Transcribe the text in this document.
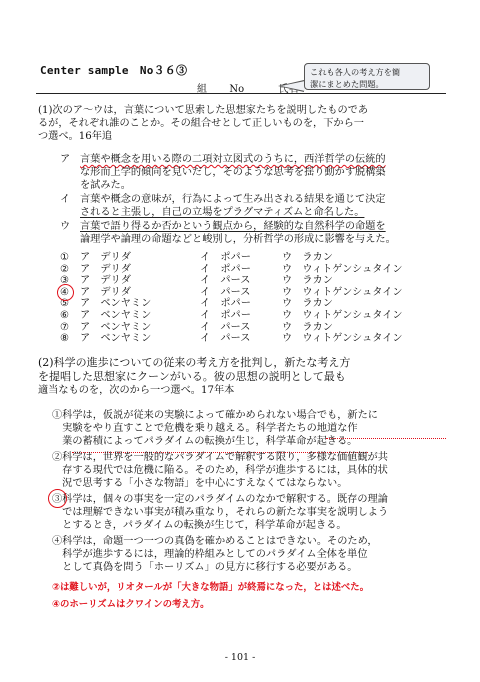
Center sample　No３６③
組 No	氏名
これも各人の考え方を簡
潔にまとめた問題。
(1)次のア～ウは，言葉について思索した思想家たちを説明したものであ
るが，それぞれ誰のことか。その組合せとして正しいものを，下から一
つ選べ。16年追
ア 言葉や概念を用いる際の二項対立図式のうちに，西洋哲学の伝統的
な形而上学的傾向を見いだし，そのような思考を揺り動かす脱構築
を試みた。
イ 言葉や概念の意味が，行為によって生み出される結果を通じて決定
されると主張し，自己の立場をプラグマティズムと命名した。
ウ 言葉で語り得るか否かという観点から，経験的な自然科学の命題を
論理学や論理の命題などと峻別し，分析哲学の形成に影響を与えた。
① ア　デリダ	イ　ポパー	ウ　ラカン
② ア　デリダ	イ　ポパー	ウ　ウィトゲンシュタイン
③ ア　デリダ	イ　パース	ウ　ラカン
④ ア　デリダ	イ　パース	ウ　ウィトゲンシュタイン
⑤ ア　ベンヤミン	イ　ポパー	ウ　ラカン
⑥ ア　ベンヤミン	イ　ポパー	ウ　ウィトゲンシュタイン
⑦ ア　ベンヤミン	イ　パース	ウ　ラカン
⑧ ア　ベンヤミン	イ　パース	ウ　ウィトゲンシュタイン
(2)科学の進歩についての従来の考え方を批判し，新たな考え方
を提唱した思想家にクーンがいる。彼の思想の説明として最も
適当なものを，次のから一つ選べ。17年本
①科学は，仮説が従来の実験によって確かめられない場合でも，新たに
　実験をやり直すことで危機を乗り越える。科学者たちの地道な作
　業の蓄積によってパラダイムの転換が生じ，科学革命が起きる。
②科学は，世界を一般的なパラダイムで解釈する限り，多様な価値観が共
　存する現代では危機に陥る。そのため，科学が進歩するには，具体的状
　況で思考する「小さな物語」を中心にすえなくてはならない。
③科学は，個々の事実を一定のパラダイムのなかで解釈する。既存の理論
　では理解できない事実が積み重なり，それらの新たな事実を説明しよう
　とするとき，パラダイムの転換が生じて，科学革命が起きる。
④科学は，命題一つ一つの真偽を確かめることはできない。そのため，
　科学が進歩するには，理論的枠組みとしてのパラダイム全体を単位
　として真偽を問う「ホーリズム」の見方に移行する必要がある。
②は難しいが，リオタールが「大きな物語」が終焉になった，とは述べた。
④のホーリズムはクワインの考え方。
- 101 -
